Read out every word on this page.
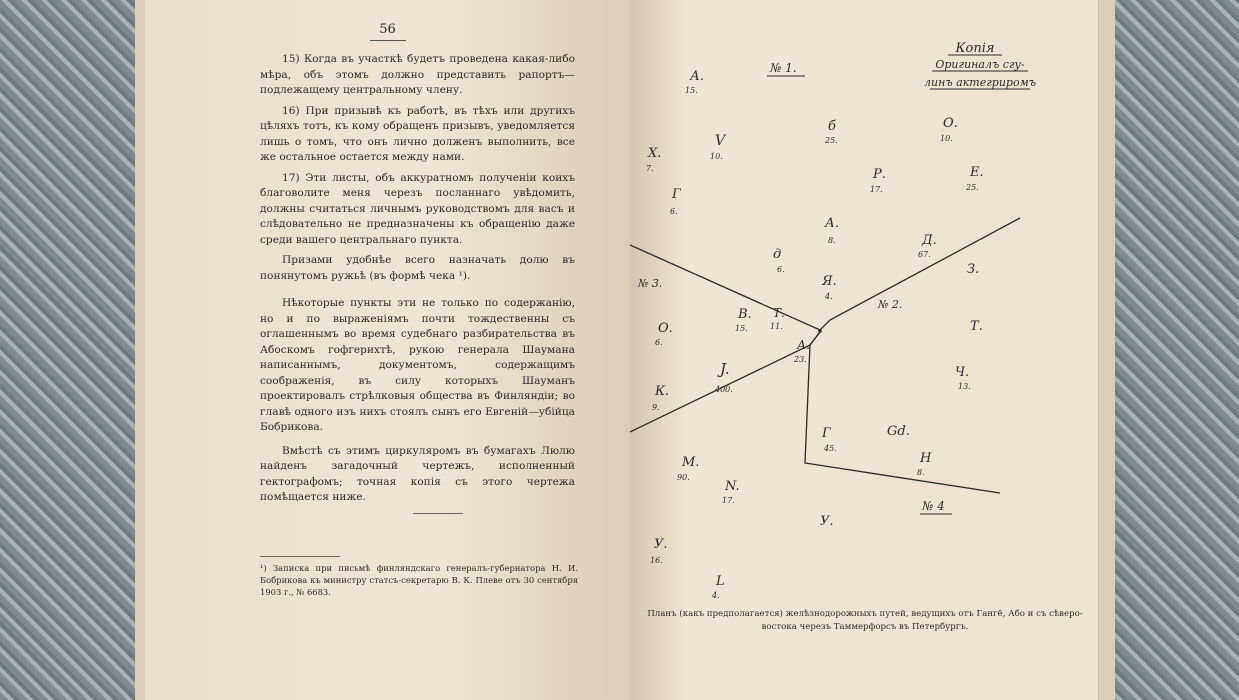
56

15) Когда въ участкѣ будетъ проведена какая-либо мѣра, объ этомъ должно представить рапортъ—подлежащему центральному члену.

16) При призывѣ къ работѣ, въ тѣхъ или другихъ цѣляхъ тотъ, къ кому обращенъ призывъ, уведомляется лишь о томъ, что онъ лично долженъ выполнить, все же остальное остается между нами.

17) Эти листы, объ аккуратномъ полученіи коихъ благоволите меня черезъ посланнаго увѣдомить, должны считаться личнымъ руководствомъ для васъ и слѣдовательно не предназначены къ обращенію даже среди вашего центральнаго пункта.

Призами удобнѣе всего назначать долю въ понянутомъ ружьѣ (въ формѣ чека ¹).

Нѣкоторые пункты эти не только по содержанію, но и по выраженіямъ почти тождественны съ оглашеннымъ во время судебнаго разбирательства въ Абоскомъ гофгерихтѣ, рукою генерала Шаумана написаннымъ, документомъ, содержащимъ соображенія, въ силу которыхъ Шауманъ проектировалъ стрѣлковыя общества въ Финляндіи; во главѣ одного изъ нихъ стоялъ сынъ его Евгеній—убійца Бобрикова.

Вмѣстѣ съ этимъ циркуляромъ въ бумагахъ Люлю найденъ загадочный чертежъ, исполненный гектографомъ; точная копія съ этого чертежа помѣщается ниже.

¹) Записка при письмѣ финляндскаго генералъ-губернатора Н. И. Бобрикова къ министру статсъ-секретарю В. К. Плеве отъ 30 сентября 1903 г., № 6683.
Копія
Оригиналъ сгу-
линъ актегриромъ
№ 1.
№ 2.
№ 3.
№ 4
А.
15.
V
10.
б
25.
О.
10.
Х.
7.	Р.
17.
Е.
25.
Г
6.
А.
8.	Д.
67.
д
6.
Я.
4.
З.
О.
6.
В.
15.
Т.
11.
А.
23.
Т.
J.
400.
Ч.
13.
К.
9.
Г
45.
Gd.
Н
8.
М.
90.
N.
17.
У.
У.
16.
L
4.
Планъ (какъ предполагается) желѣзнодорожныхъ путей, ведущихъ отъ Гангё, Або и съ сѣверо-востока черезъ Таммерфорсъ въ Петербургъ.
